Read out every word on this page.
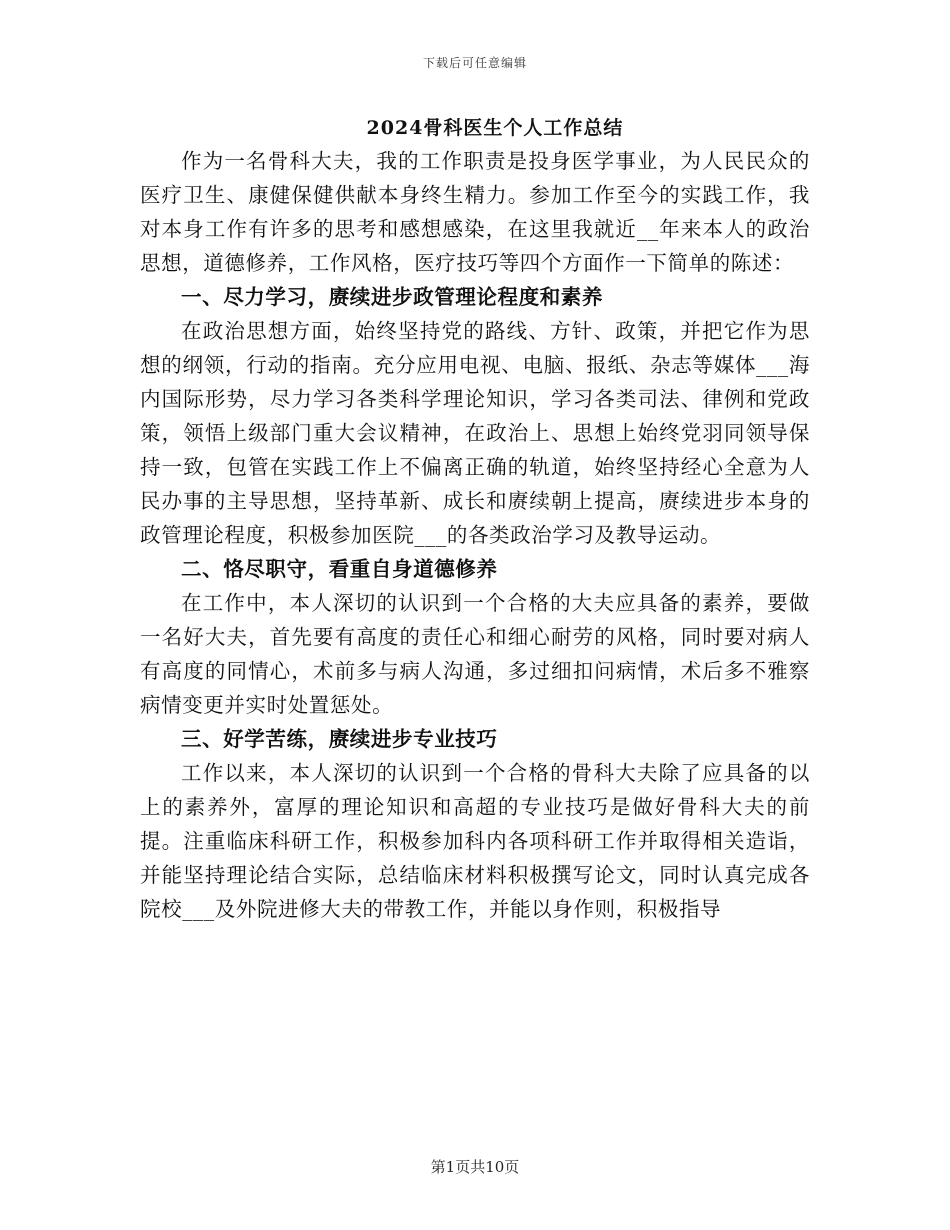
下载后可任意编辑
2024骨科医生个人工作总结

作为一名骨科大夫，我的工作职责是投身医学事业，为人民民众的医疗卫生、康健保健供献本身终生精力。参加工作至今的实践工作，我对本身工作有许多的思考和感想感染，在这里我就近__年来本人的政治思想，道德修养，工作风格，医疗技巧等四个方面作一下简单的陈述：

一、尽力学习，赓续进步政管理论程度和素养

在政治思想方面，始终坚持党的路线、方针、政策，并把它作为思想的纲领，行动的指南。充分应用电视、电脑、报纸、杂志等媒体___海内国际形势，尽力学习各类科学理论知识，学习各类司法、律例和党政策，领悟上级部门重大会议精神，在政治上、思想上始终党羽同领导保持一致，包管在实践工作上不偏离正确的轨道，始终坚持经心全意为人民办事的主导思想，坚持革新、成长和赓续朝上提高，赓续进步本身的政管理论程度，积极参加医院___的各类政治学习及教导运动。

二、恪尽职守，看重自身道德修养

在工作中，本人深切的认识到一个合格的大夫应具备的素养，要做一名好大夫，首先要有高度的责任心和细心耐劳的风格，同时要对病人有高度的同情心，术前多与病人沟通，多过细扣问病情，术后多不雅察病情变更并实时处置惩处。

三、好学苦练，赓续进步专业技巧

工作以来，本人深切的认识到一个合格的骨科大夫除了应具备的以上的素养外，富厚的理论知识和高超的专业技巧是做好骨科大夫的前提。注重临床科研工作，积极参加科内各项科研工作并取得相关造诣，并能坚持理论结合实际，总结临床材料积极撰写论文，同时认真完成各院校___及外院进修大夫的带教工作，并能以身作则，积极指导

第1页共10页
